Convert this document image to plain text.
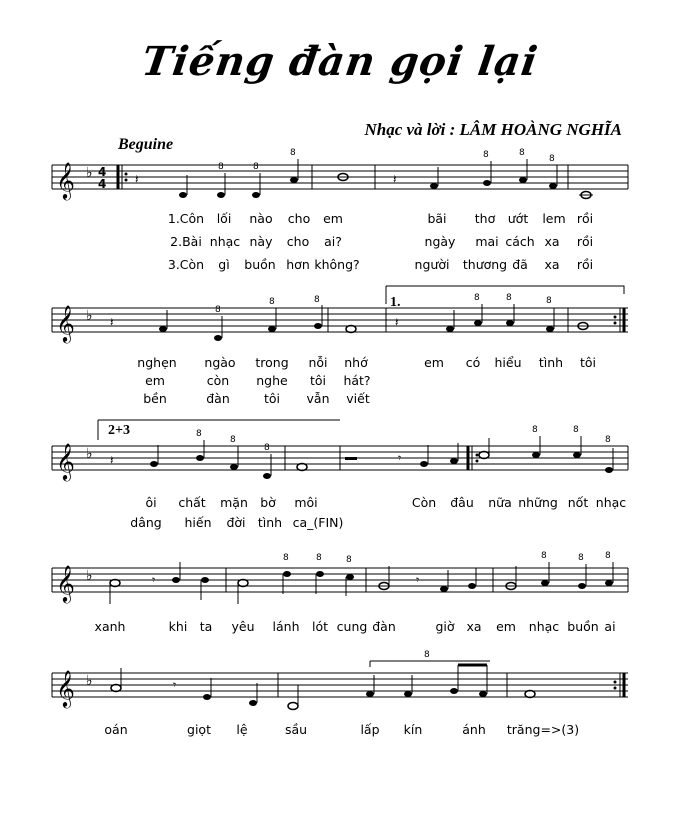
Tiếng đàn gọi lại
Nhạc và lời : LÂM HOÀNG NGHĨA
Beguine
𝄞 ♭ 4
4 𝄽
8	8
8
𝄽
8	8
8
1.Côn lối nào cho em	bãi thơ ướt lem rồi
2.Bài nhạc này cho ai?	ngày mai cách xa rồi
3.Còn gì buồn hơn không?	người thương đã xa rồi
1.
𝄞 ♭ 𝄽
8
8	8
𝄽
8	8	8
nghẹn ngào trong nỗi nhớ	em có hiểu tình tôi
em	còn nghe tôi hát?
bền	đàn	tôi vẫn viết
2+3
𝄞 ♭ 𝄽
8
8
8
𝄾
8	8
8
ôi chất mặn bờ môi	Còn đâu nữa những nốt nhạc
dâng hiến đời tình ca_(FIN)
𝄞 ♭	𝄾
8	8	8
𝄾
8	8 8
xanh	khi ta yêu lánh lót cung đàn	giờ xa em nhạc buồn ai
𝄞 ♭
8
𝄾
oán	giọt lệ	sầu	lấp kín	ánh trăng=>(3)
